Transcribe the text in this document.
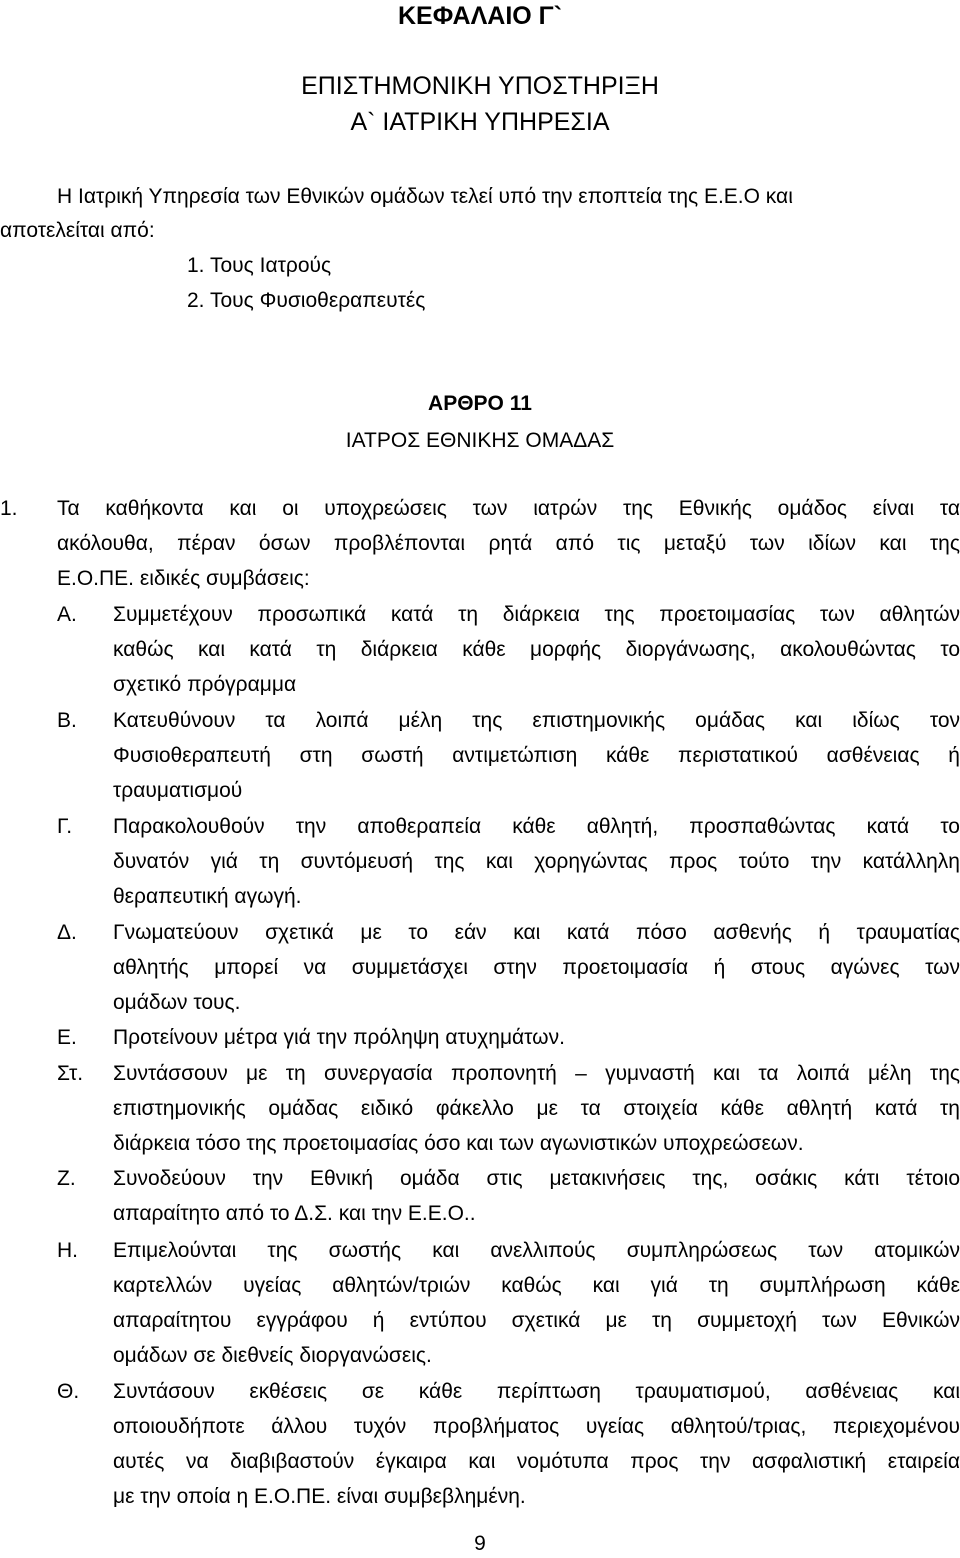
ΚΕΦΑΛΑΙΟ Γ`
ΕΠΙΣΤΗΜΟΝΙΚΗ ΥΠΟΣΤΗΡΙΞΗ
Α` ΙΑΤΡΙΚΗ ΥΠΗΡΕΣΙΑ
Η Ιατρική Υπηρεσία των Εθνικών ομάδων τελεί υπό την εποπτεία της Ε.Ε.Ο και
αποτελείται από:
1. Τους Ιατρούς
2. Τους Φυσιοθεραπευτές
ΑΡΘΡΟ 11
ΙΑΤΡΟΣ ΕΘΝΙΚΗΣ ΟΜΑΔΑΣ
1. Τα καθήκοντα και οι υποχρεώσεις των ιατρών της Εθνικής ομάδος είναι τα
ακόλουθα, πέραν όσων προβλέπονται ρητά από τις μεταξύ των ιδίων και της
Ε.Ο.ΠΕ. ειδικές συμβάσεις:
Α. Συμμετέχουν προσωπικά κατά τη διάρκεια της προετοιμασίας των αθλητών
καθώς και κατά τη διάρκεια κάθε μορφής διοργάνωσης, ακολουθώντας το
σχετικό πρόγραμμα
Β. Κατευθύνουν τα λοιπά μέλη της επιστημονικής ομάδας και ιδίως τον
Φυσιοθεραπευτή στη σωστή αντιμετώπιση κάθε περιστατικού ασθένειας ή
τραυματισμού
Γ. Παρακολουθούν την αποθεραπεία κάθε αθλητή, προσπαθώντας κατά το
δυνατόν γιά τη συντόμευσή της και χορηγώντας προς τούτο την κατάλληλη
θεραπευτική αγωγή.
Δ. Γνωματεύουν σχετικά με το εάν και κατά πόσο ασθενής ή τραυματίας
αθλητής μπορεί να συμμετάσχει στην προετοιμασία ή στους αγώνες των
ομάδων τους.
Ε. Προτείνουν μέτρα γιά την πρόληψη ατυχημάτων.
Στ. Συντάσσουν με τη συνεργασία προπονητή – γυμναστή και τα λοιπά μέλη της
επιστημονικής ομάδας ειδικό φάκελλο με τα στοιχεία κάθε αθλητή κατά τη
διάρκεια τόσο της προετοιμασίας όσο και των αγωνιστικών υποχρεώσεων.
Ζ. Συνοδεύουν την Εθνική ομάδα στις μετακινήσεις της, οσάκις κάτι τέτοιο
απαραίτητο από το Δ.Σ. και την Ε.Ε.Ο..
Η. Επιμελούνται της σωστής και ανελλιπούς συμπληρώσεως των ατομικών
καρτελλών υγείας αθλητών/τριών καθώς και γιά τη συμπλήρωση κάθε
απαραίτητου εγγράφου ή εντύπου σχετικά με τη συμμετοχή των Εθνικών
ομάδων σε διεθνείς διοργανώσεις.
Θ. Συντάσουν εκθέσεις σε κάθε περίπτωση τραυματισμού, ασθένειας και
οποιουδήποτε άλλου τυχόν προβλήματος υγείας αθλητού/τριας, περιεχομένου
αυτές να διαβιβαστούν έγκαιρα και νομότυπα προς την ασφαλιστική εταιρεία
με την οποία η Ε.Ο.ΠΕ. είναι συμβεβλημένη.
9
